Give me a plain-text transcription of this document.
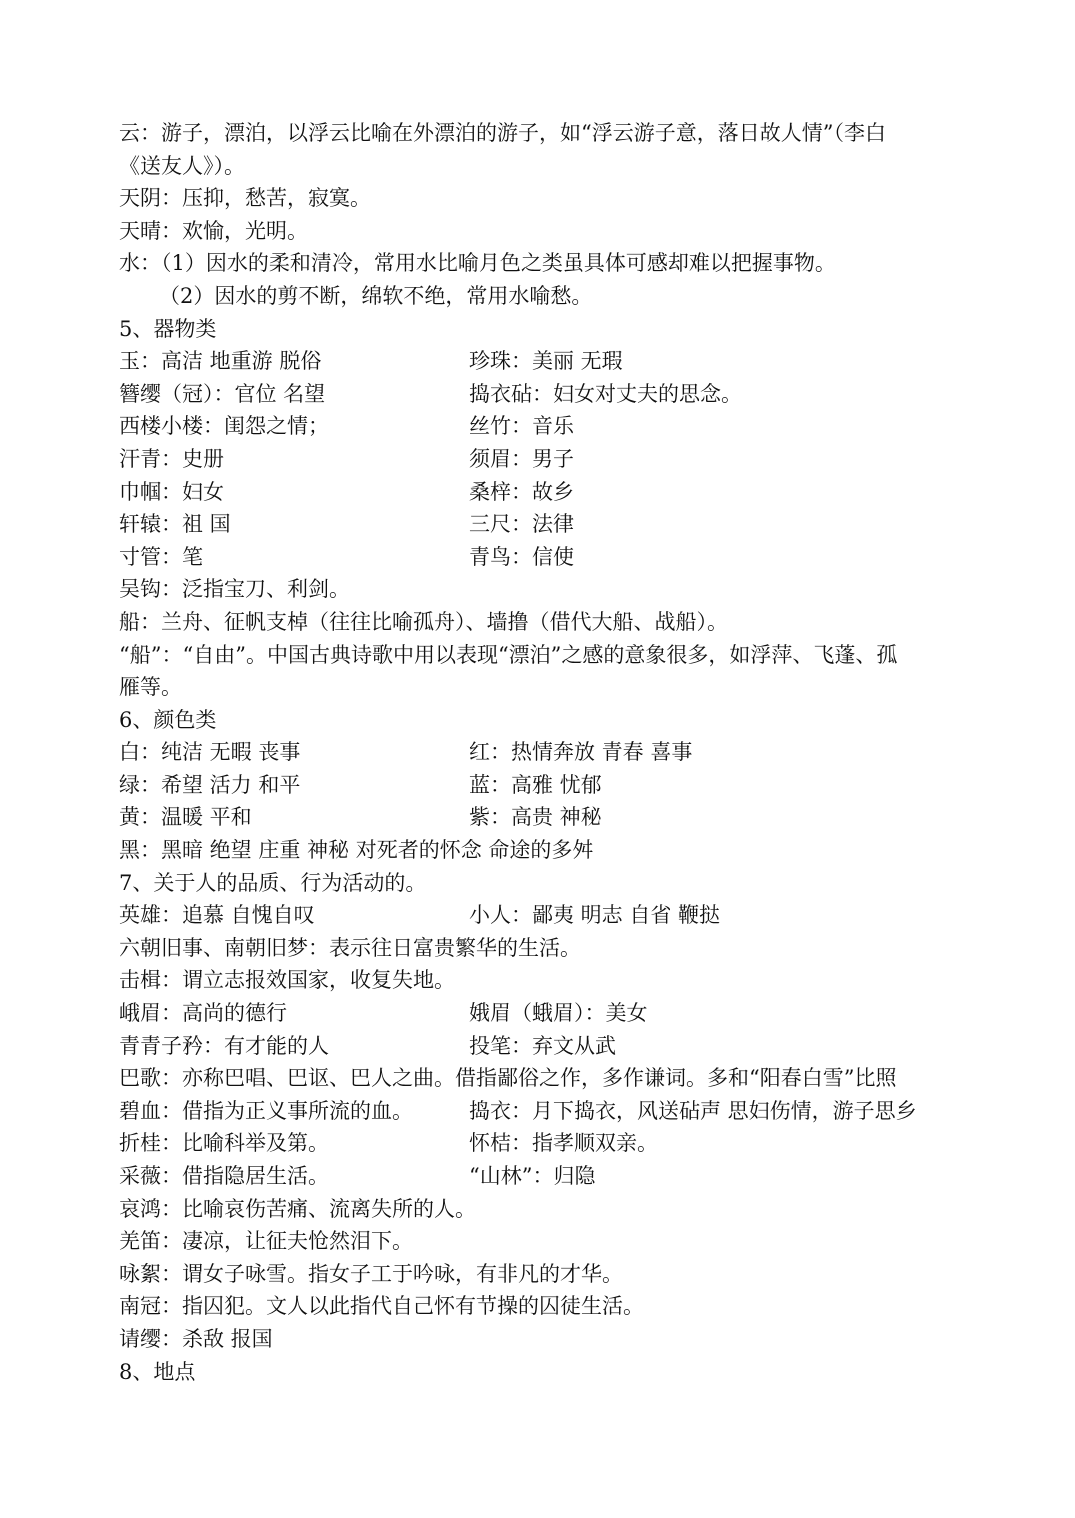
云：游子，漂泊，以浮云比喻在外漂泊的游子，如“浮云游子意，落日故人情”（李白
《送友人》）。
天阴：压抑，愁苦，寂寞。
天晴：欢愉，光明。
水：（1）因水的柔和清冷，常用水比喻月色之类虽具体可感却难以把握事物。
（2）因水的剪不断，绵软不绝，常用水喻愁。
5、器物类
玉：高洁 地重游 脱俗	珍珠：美丽 无瑕
簪缨（冠）：官位 名望	捣衣砧：妇女对丈夫的思念。
西楼小楼：闺怨之情；	丝竹：音乐
汗青：史册	须眉：男子
巾帼：妇女	桑梓：故乡
轩辕：祖 国	三尺：法律
寸管：笔	青鸟：信使
吴钩：泛指宝刀、利剑。
船：兰舟、征帆支棹（往往比喻孤舟）、墙撸（借代大船、战船）。
“船”：“自由”。中国古典诗歌中用以表现“漂泊”之感的意象很多，如浮萍、飞蓬、孤
雁等。
6、颜色类
白：纯洁 无暇 丧事	红：热情奔放 青春 喜事
绿：希望 活力 和平	蓝：高雅 忧郁
黄：温暖 平和	紫：高贵 神秘
黑：黑暗 绝望 庄重 神秘 对死者的怀念 命途的多舛
7、关于人的品质、行为活动的。
英雄：追慕 自愧自叹	小人：鄙夷 明志 自省 鞭挞
六朝旧事、南朝旧梦：表示往日富贵繁华的生活。
击楫：谓立志报效国家，收复失地。
峨眉：高尚的德行	娥眉（蛾眉）：美女
青青子矜：有才能的人	投笔：弃文从武
巴歌：亦称巴唱、巴讴、巴人之曲。借指鄙俗之作，多作谦词。多和“阳春白雪”比照
碧血：借指为正义事所流的血。	捣衣：月下捣衣，风送砧声 思妇伤情，游子思乡
折桂：比喻科举及第。	怀桔：指孝顺双亲。
采薇：借指隐居生活。	“山林”：归隐
哀鸿：比喻哀伤苦痛、流离失所的人。
羌笛：凄凉，让征夫怆然泪下。
咏絮：谓女子咏雪。指女子工于吟咏，有非凡的才华。
南冠：指囚犯。文人以此指代自己怀有节操的囚徒生活。
请缨：杀敌 报国
8、地点
